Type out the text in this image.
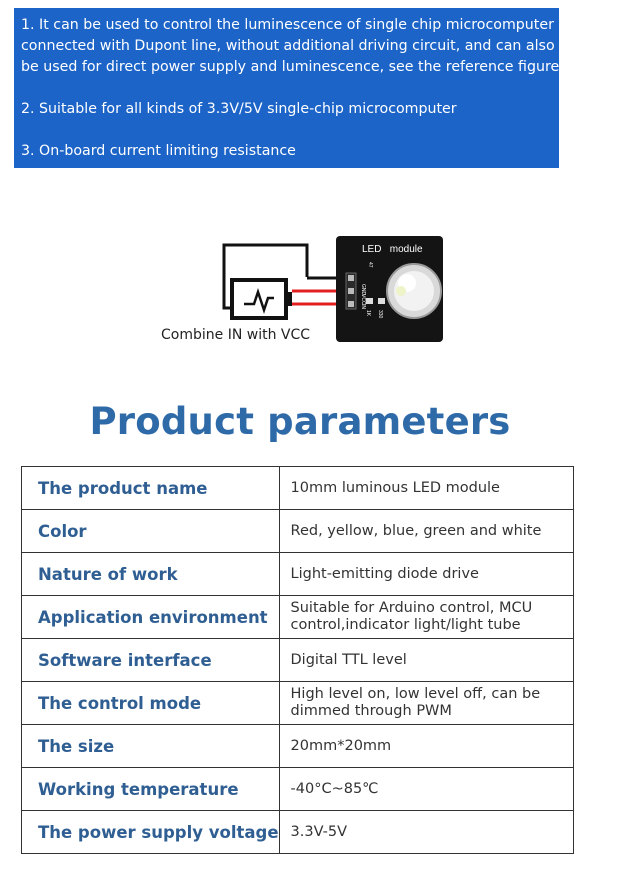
1. It can be used to control the luminescence of single chip microcomputer
connected with Dupont line, without additional driving circuit, and can also
be used for direct power supply and luminescence, see the reference figure

2. Suitable for all kinds of 3.3V/5V single-chip microcomputer

3. On-board current limiting resistance

LED   module
GND
VCC
IN
47
1K 330
Combine IN with VCC
Product parameters
The product name	10mm luminous LED module
Color	Red, yellow, blue, green and white
Nature of work	Light-emitting diode drive
Application environment	Suitable for Arduino control, MCU
control,indicator light/light tube
Software interface	Digital TTL level
The control mode	High level on, low level off, can be
dimmed through PWM
The size	20mm*20mm
Working temperature	-40°C~85℃
The power supply voltage	3.3V-5V
